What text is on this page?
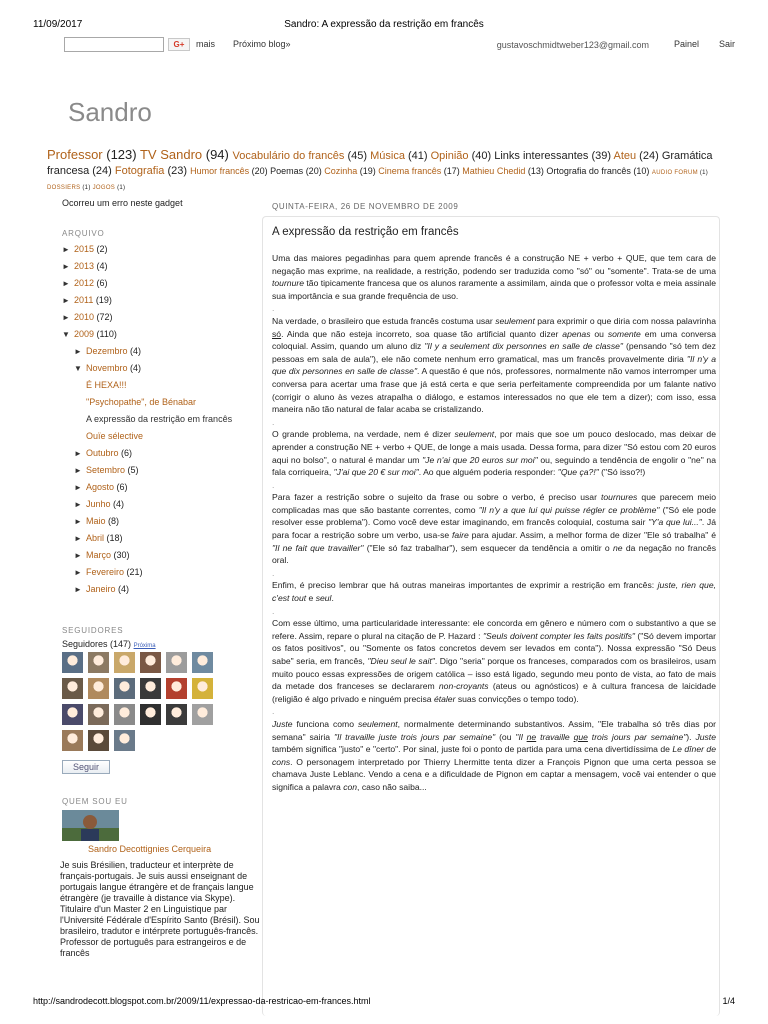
11/09/2017	Sandro: A expressão da restrição em francês
G+	mais Próximo blog»	gustavoschmidtweber123@gmail.com	Painel Sair
Sandro
Professor (123) TV Sandro (94) Vocabulário do francês (45) Música (41) Opinião (40) Links interessantes (39) Ateu (24) Gramática francesa (24) Fotografia (23) Humor francês (20) Poemas (20) Cozinha (19) Cinema francês (17) Mathieu Chedid (13) Ortografia do francês (10) AUDIO FORUM (1) DOSSIERS (1) JOGOS (1)
Ocorreu um erro neste gadget
ARQUIVO
► 2015 (2)
► 2013 (4)
► 2012 (6)
► 2011 (19)
► 2010 (72)
▼ 2009 (110)
► Dezembro (4)
▼ Novembro (4)
É HEXA!!!
"Psychopathe", de Bénabar
A expressão da restrição em francês
Ouïe sélective
► Outubro (6)
► Setembro (5)
► Agosto (6)
► Junho (4)
► Maio (8)
► Abril (18)
► Março (30)
► Fevereiro (21)
► Janeiro (4)
SEGUIDORES
Seguidores (147) Próxima
Seguir
QUEM SOU EU
Sandro Decottignies Cerqueira
Je suis Brésilien, traducteur et interprète de français-portugais. Je suis aussi enseignant de portugais langue étrangère et de français langue étrangère (je travaille à distance via Skype). Titulaire d'un Master 2 en Linguistique par l'Université Fédérale d'Espírito Santo (Brésil). Sou brasileiro, tradutor e intérprete português-francês. Professor de português para estrangeiros e de francês
QUINTA-FEIRA, 26 DE NOVEMBRO DE 2009
A expressão da restrição em francês

Uma das maiores pegadinhas para quem aprende francês é a construção NE + verbo + QUE, que tem cara de negação mas exprime, na realidade, a restrição, podendo ser traduzida como "só" ou "somente". Trata-se de uma tournure tão tipicamente francesa que os alunos raramente a assimilam, ainda que o professor volta e meia assinale sua importância e sua grande frequência de uso.

.

Na verdade, o brasileiro que estuda francês costuma usar seulement para exprimir o que diria com nossa palavrinha só. Ainda que não esteja incorreto, soa quase tão artificial quanto dizer apenas ou somente em uma conversa coloquial. Assim, quando um aluno diz "Il y a seulement dix personnes en salle de classe" (pensando "só tem dez pessoas em sala de aula"), ele não comete nenhum erro gramatical, mas um francês provavelmente diria "Il n'y a que dix personnes en salle de classe". A questão é que nós, professores, normalmente não vamos interromper uma conversa para acertar uma frase que já está certa e que seria perfeitamente compreendida por um falante nativo (corrigir o aluno às vezes atrapalha o diálogo, e estamos interessados no que ele tem a dizer); com isso, essa maneira não tão natural de falar acaba se cristalizando.

.

O grande problema, na verdade, nem é dizer seulement, por mais que soe um pouco deslocado, mas deixar de aprender a construção NE + verbo + QUE, de longe a mais usada. Dessa forma, para dizer "Só estou com 20 euros aqui no bolso", o natural é mandar um "Je n'ai que 20 euros sur moi" ou, seguindo a tendência de engolir o "ne" na fala corriqueira, "J'ai que 20 € sur moi". Ao que alguém poderia responder: "Que ça?!" ("Só isso?!)

.

Para fazer a restrição sobre o sujeito da frase ou sobre o verbo, é preciso usar tournures que parecem meio complicadas mas que são bastante correntes, como "Il n'y a que lui qui puisse régler ce problème" ("Só ele pode resolver esse problema"). Como você deve estar imaginando, em francês coloquial, costuma sair "Y'a que lui...". Já para focar a restrição sobre um verbo, usa-se faire para ajudar. Assim, a melhor forma de dizer "Ele só trabalha" é "Il ne fait que travailler" ("Ele só faz trabalhar"), sem esquecer da tendência a omitir o ne da negação no francês oral.

.

Enfim, é preciso lembrar que há outras maneiras importantes de exprimir a restrição em francês: juste, rien que, c'est tout e seul.

.

Com esse último, uma particularidade interessante: ele concorda em gênero e número com o substantivo a que se refere. Assim, repare o plural na citação de P. Hazard : "Seuls doivent compter les faits positifs" ("Só devem importar os fatos positivos", ou "Somente os fatos concretos devem ser levados em conta"). Nossa expressão "Só Deus sabe" seria, em francês, "Dieu seul le sait". Digo "seria" porque os franceses, comparados com os brasileiros, usam muito pouco essas expressões de origem católica – isso está ligado, segundo meu ponto de vista, ao fato de mais da metade dos franceses se declararem non-croyants (ateus ou agnósticos) e à cultura francesa de laicidade (religião é algo privado e ninguém precisa étaler suas convicções o tempo todo).

.

Juste funciona como seulement, normalmente determinando substantivos. Assim, "Ele trabalha só três dias por semana" sairia "Il travaille juste trois jours par semaine" (ou "Il ne travaille que trois jours par semaine"). Juste também significa "justo" e "certo". Por sinal, juste foi o ponto de partida para uma cena divertidíssima de Le dîner de cons. O personagem interpretado por Thierry Lhermitte tenta dizer a François Pignon que uma certa pessoa se chamava Juste Leblanc. Vendo a cena e a dificuldade de Pignon em captar a mensagem, você vai entender o que significa a palavra con, caso não saiba...

http://sandrodecott.blogspot.com.br/2009/11/expressao-da-restricao-em-frances.html	1/4
